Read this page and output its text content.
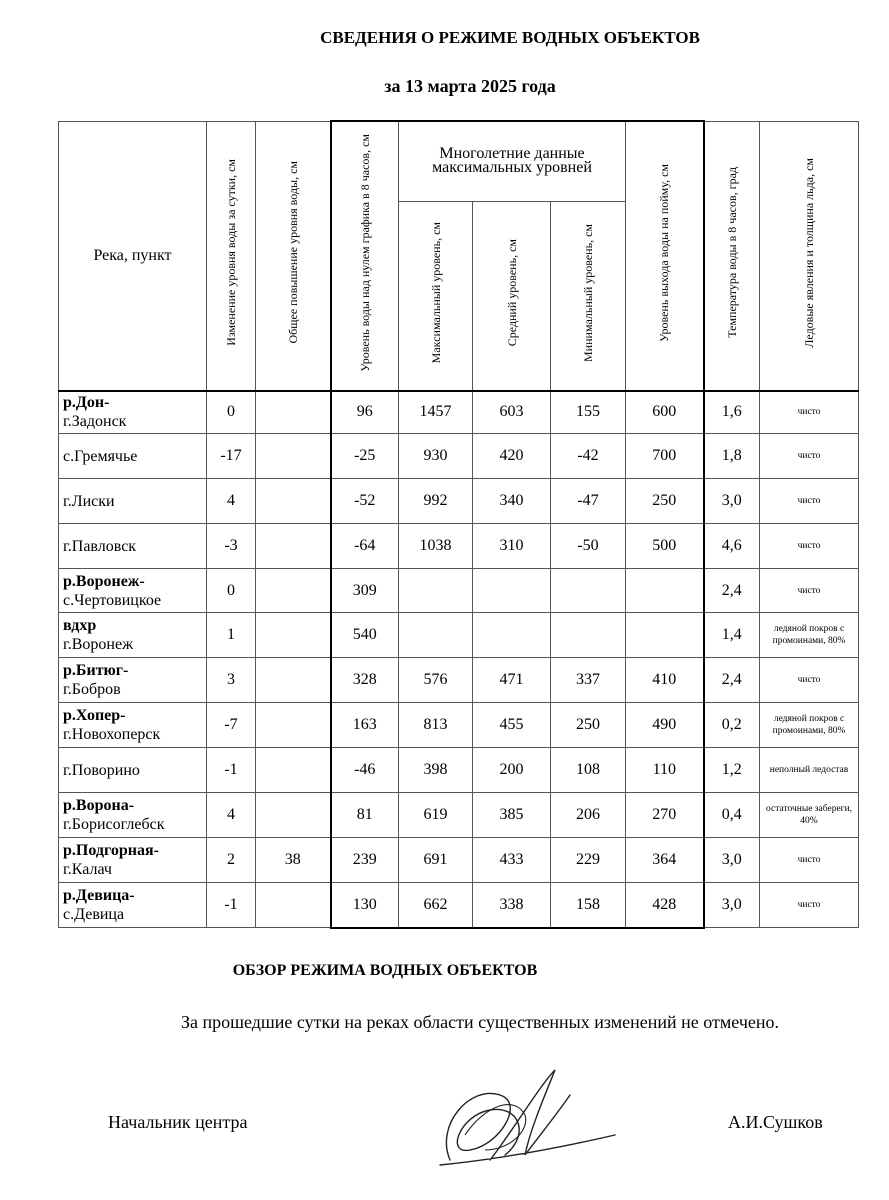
СВЕДЕНИЯ О РЕЖИМЕ ВОДНЫХ ОБЪЕКТОВ
за 13 марта 2025 года
Река, пункт	Изменение уровня воды за сутки, см	Общее повышение уровня воды, см	Уровень воды над нулем графика в 8 часов, см	Многолетние данные максимальных уровней			Уровень выхода воды на пойму, см	Температура воды в 8 часов, град	Ледовые явления и толщина льда, см

				Максимальный уровень, см	Средний уровень, см	Минимальный уровень, см			

р.Дон-
г.Задонск	0		96	1457	603	155	600	1,6	чисто
с.Гремячье	-17		-25	930	420	-42	700	1,8	чисто
г.Лиски	4		-52	992	340	-47	250	3,0	чисто
г.Павловск	-3		-64	1038	310	-50	500	4,6	чисто
р.Воронеж-
с.Чертовицкое	0		309					2,4	чисто
вдхр
г.Воронеж	1		540					1,4	ледяной покров с промоинами, 80%
р.Битюг-
г.Бобров	3		328	576	471	337	410	2,4	чисто
р.Хопер-
г.Новохоперск	-7		163	813	455	250	490	0,2	ледяной покров с промоинами, 80%
г.Поворино	-1		-46	398	200	108	110	1,2	неполный ледостав
р.Ворона-
г.Борисоглебск	4		81	619	385	206	270	0,4	остаточные забереги, 40%
р.Подгорная-
г.Калач	2	38	239	691	433	229	364	3,0	чисто
р.Девица-
с.Девица	-1		130	662	338	158	428	3,0	чисто
ОБЗОР РЕЖИМА ВОДНЫХ ОБЪЕКТОВ
За прошедшие сутки на реках области существенных изменений не отмечено.
Начальник центра	А.И.Сушков
